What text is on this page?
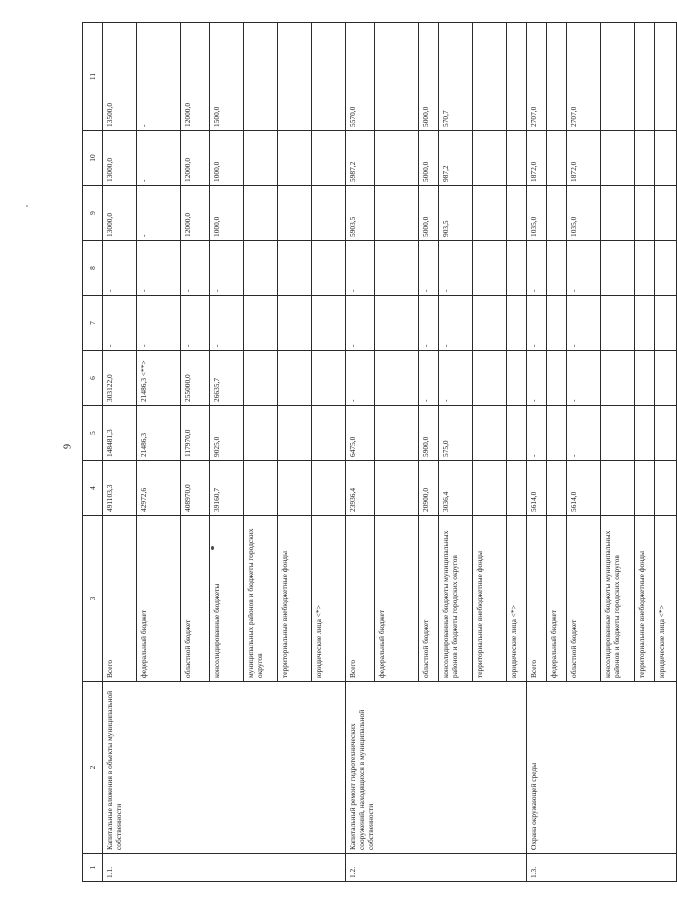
9
1	2	3	4	5	6	7	8	9	10	11
1.1.	Капитальные вложения в объекты муниципальной собственности	Всего	491103,3	148481,3	303122,0	-	-	13000,0	13000,0	13500,0
		федеральный бюджет	42972,6	21486,3	21486,3 <**>	-	-	-	-	-
		областной бюджет	408970,0	117970,0	255000,0	-	-	12000,0	12000,0	12000,0
		консолидированные бюджеты	39160,7	9025,0	26635,7	-	-	1000,0	1000,0	1500,0
		муниципальных районов и бюджеты городских округов								
		территориальные внебюджетные фонды								
		юридические лица <*>								
1.2.	Капитальный ремонт гидротехнических сооружений, находящихся в муниципальной собственности	Всего	23936,4	6475,0	-	-	-	5903,5	5987,2	5570,0
		федеральный бюджет								
		областной бюджет	20900,0	5900,0	-	-	-	5000,0	5000,0	5000,0
		консолидированные бюджеты муниципальных районов и бюджеты городских округов	3036,4	575,0	-	-	-	903,5	987,2	570,7
		территориальные внебюджетные фонды								
		юридические лица <*>								
1.3.	Охрана окружающей среды	Всего	5614,0	-	-	-	-	1035,0	1872,0	2707,0
		федеральный бюджет								
		областной бюджет	5614,0	-	-	-	-	1035,0	1872,0	2707,0
		консолидированные бюджеты муниципальных районов и бюджеты городских округов								
		территориальные внебюджетные фонды								
		юридические лица <*>								
